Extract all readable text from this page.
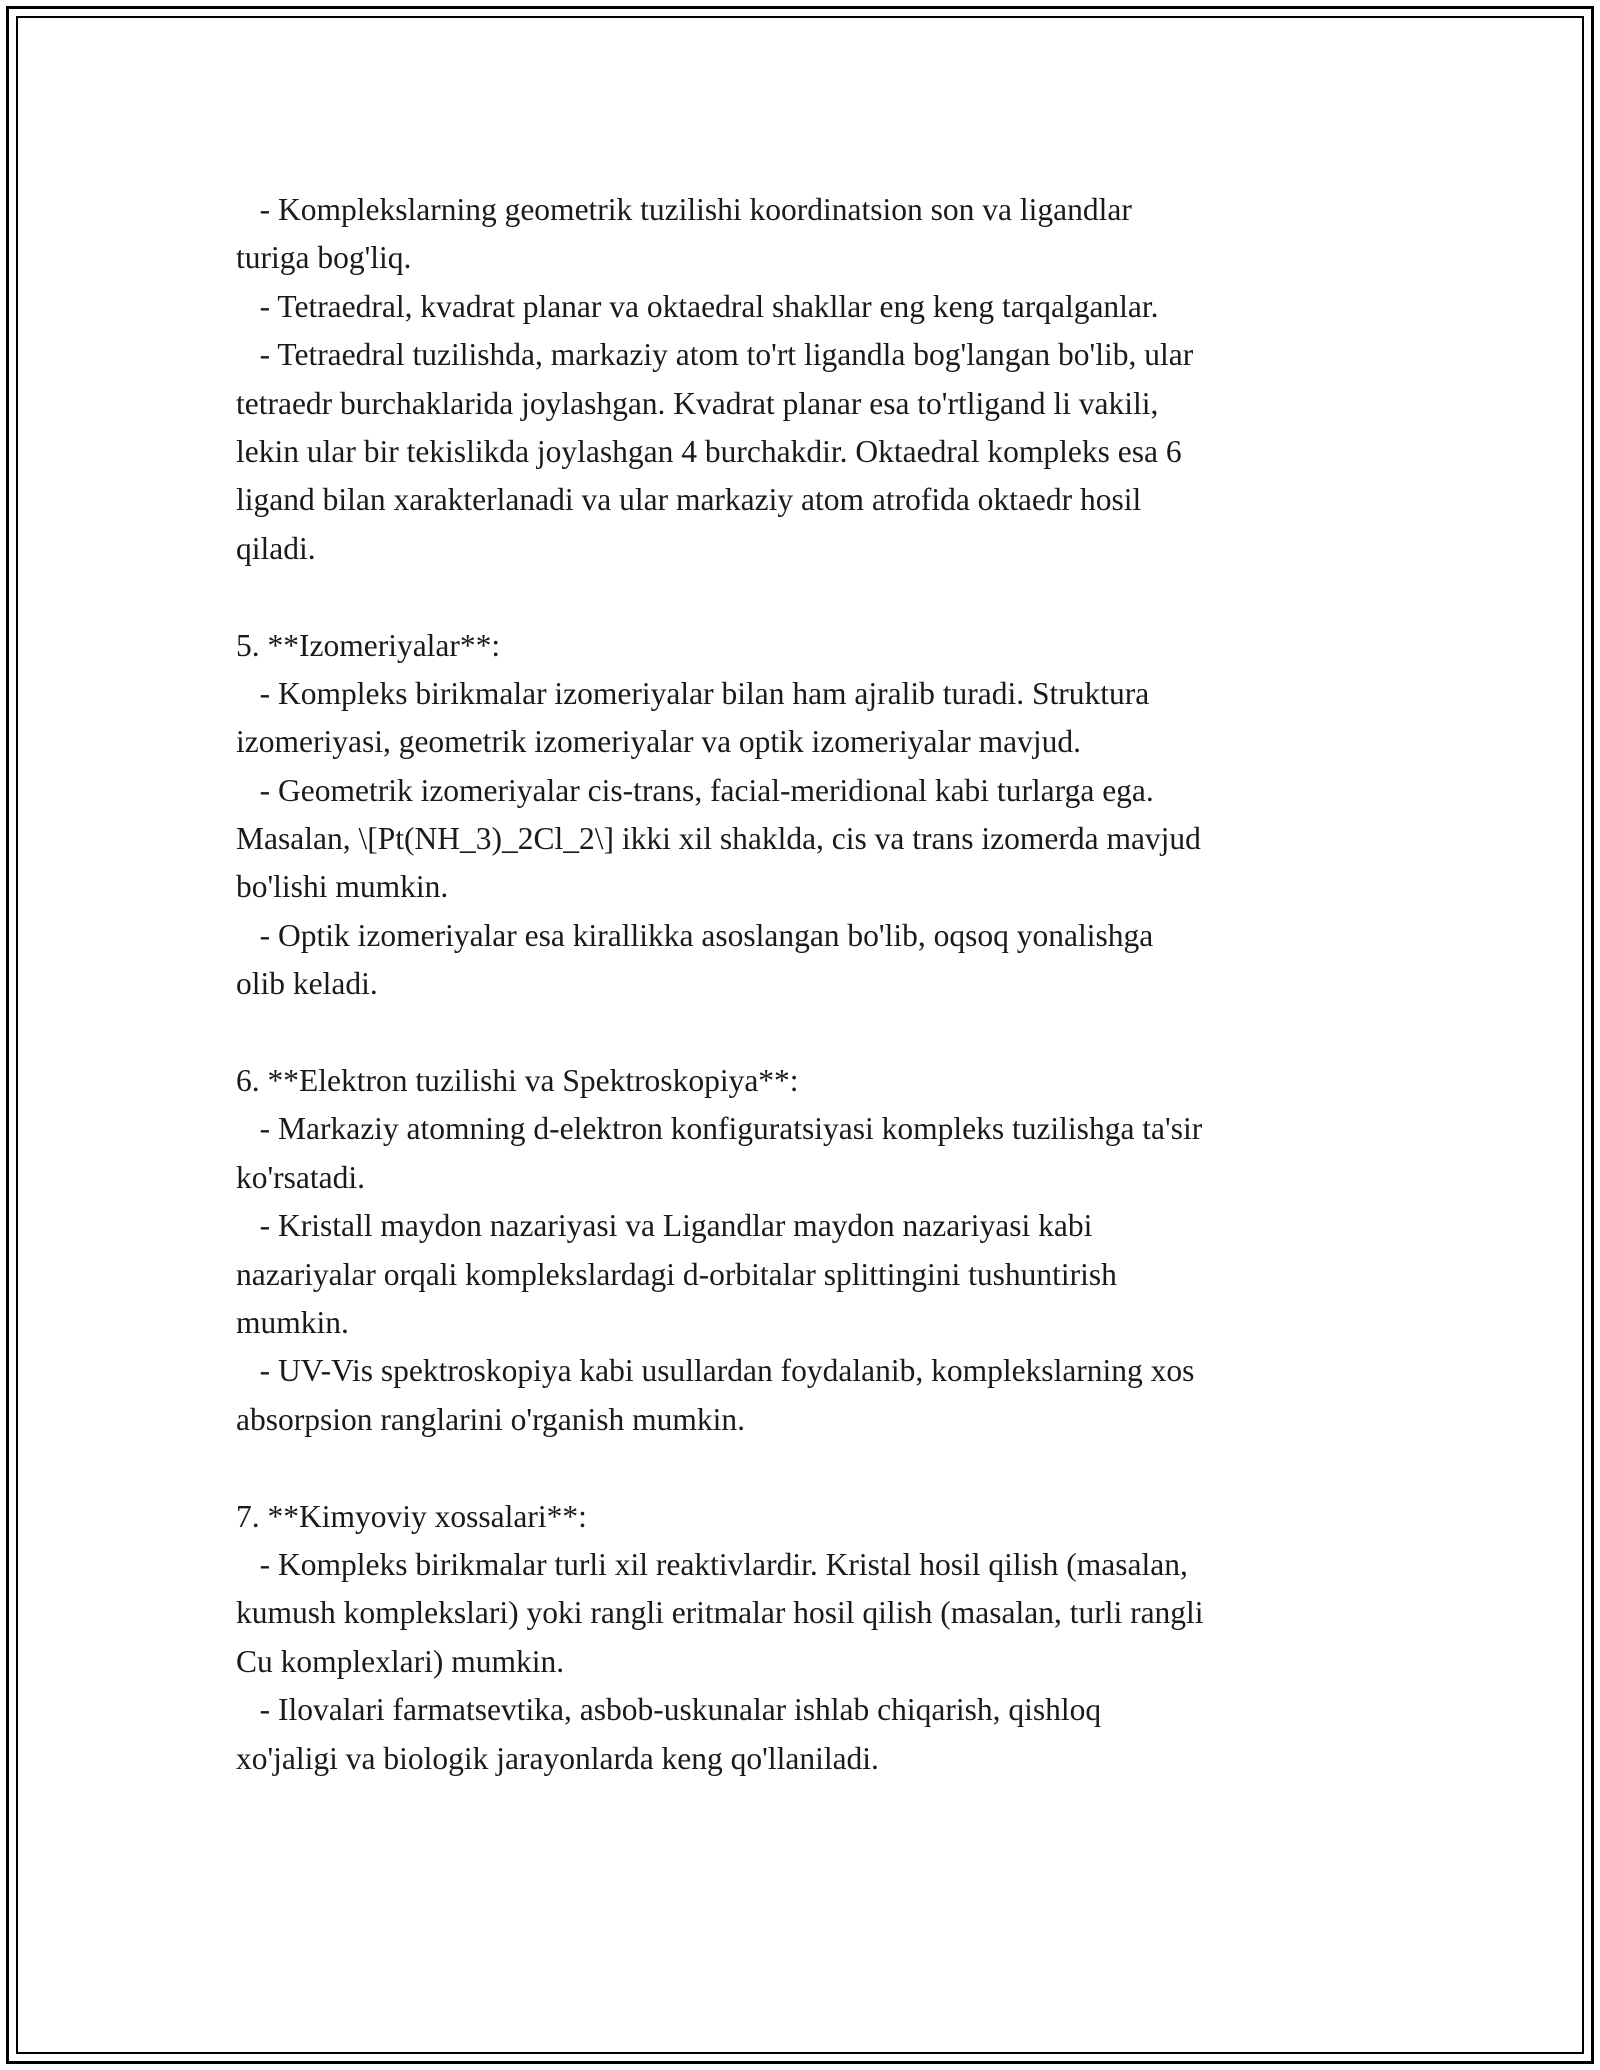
- Komplekslarning geometrik tuzilishi koordinatsion son va ligandlar

turiga bog'liq.

- Tetraedral, kvadrat planar va oktaedral shakllar eng keng tarqalganlar.

- Tetraedral tuzilishda, markaziy atom to'rt ligandla bog'langan bo'lib, ular

tetraedr burchaklarida joylashgan. Kvadrat planar esa to'rtligand li vakili,

lekin ular bir tekislikda joylashgan 4 burchakdir. Oktaedral kompleks esa 6

ligand bilan xarakterlanadi va ular markaziy atom atrofida oktaedr hosil

qiladi.

5. **Izomeriyalar**:

- Kompleks birikmalar izomeriyalar bilan ham ajralib turadi. Struktura

izomeriyasi, geometrik izomeriyalar va optik izomeriyalar mavjud.

- Geometrik izomeriyalar cis-trans, facial-meridional kabi turlarga ega.

Masalan, \[Pt(NH_3)_2Cl_2\] ikki xil shaklda, cis va trans izomerda mavjud

bo'lishi mumkin.

- Optik izomeriyalar esa kirallikka asoslangan bo'lib, oqsoq yonalishga

olib keladi.

6. **Elektron tuzilishi va Spektroskopiya**:

- Markaziy atomning d-elektron konfiguratsiyasi kompleks tuzilishga ta'sir

ko'rsatadi.

- Kristall maydon nazariyasi va Ligandlar maydon nazariyasi kabi

nazariyalar orqali komplekslardagi d-orbitalar splittingini tushuntirish

mumkin.

- UV-Vis spektroskopiya kabi usullardan foydalanib, komplekslarning xos

absorpsion ranglarini o'rganish mumkin.

7. **Kimyoviy xossalari**:

- Kompleks birikmalar turli xil reaktivlardir. Kristal hosil qilish (masalan,

kumush komplekslari) yoki rangli eritmalar hosil qilish (masalan, turli rangli

Cu komplexlari) mumkin.

- Ilovalari farmatsevtika, asbob-uskunalar ishlab chiqarish, qishloq

xo'jaligi va biologik jarayonlarda keng qo'llaniladi.
